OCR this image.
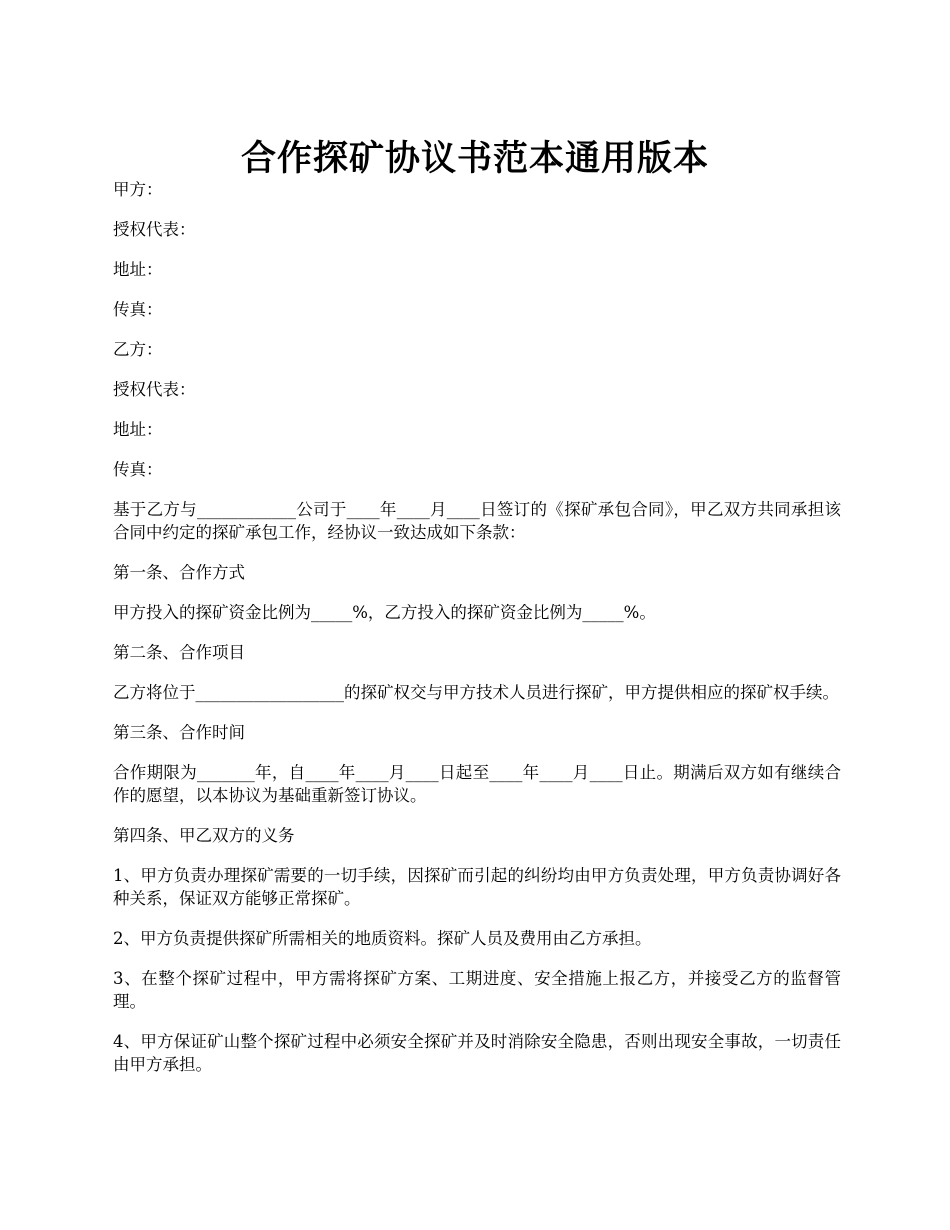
合作探矿协议书范本通用版本

甲方：

授权代表：

地址：

传真：

乙方：

授权代表：

地址：

传真：

基于乙方与____________公司于____年____月____日签订的《探矿承包合同》，甲乙双方共同承担该合同中约定的探矿承包工作，经协议一致达成如下条款：

第一条、合作方式

甲方投入的探矿资金比例为_____%，乙方投入的探矿资金比例为_____%。

第二条、合作项目

乙方将位于__________________的探矿权交与甲方技术人员进行探矿，甲方提供相应的探矿权手续。

第三条、合作时间

合作期限为_______年，自____年____月____日起至____年____月____日止。期满后双方如有继续合作的愿望，以本协议为基础重新签订协议。

第四条、甲乙双方的义务

1、甲方负责办理探矿需要的一切手续，因探矿而引起的纠纷均由甲方负责处理，甲方负责协调好各种关系，保证双方能够正常探矿。

2、甲方负责提供探矿所需相关的地质资料。探矿人员及费用由乙方承担。

3、在整个探矿过程中，甲方需将探矿方案、工期进度、安全措施上报乙方，并接受乙方的监督管理。

4、甲方保证矿山整个探矿过程中必须安全探矿并及时消除安全隐患，否则出现安全事故，一切责任由甲方承担。
